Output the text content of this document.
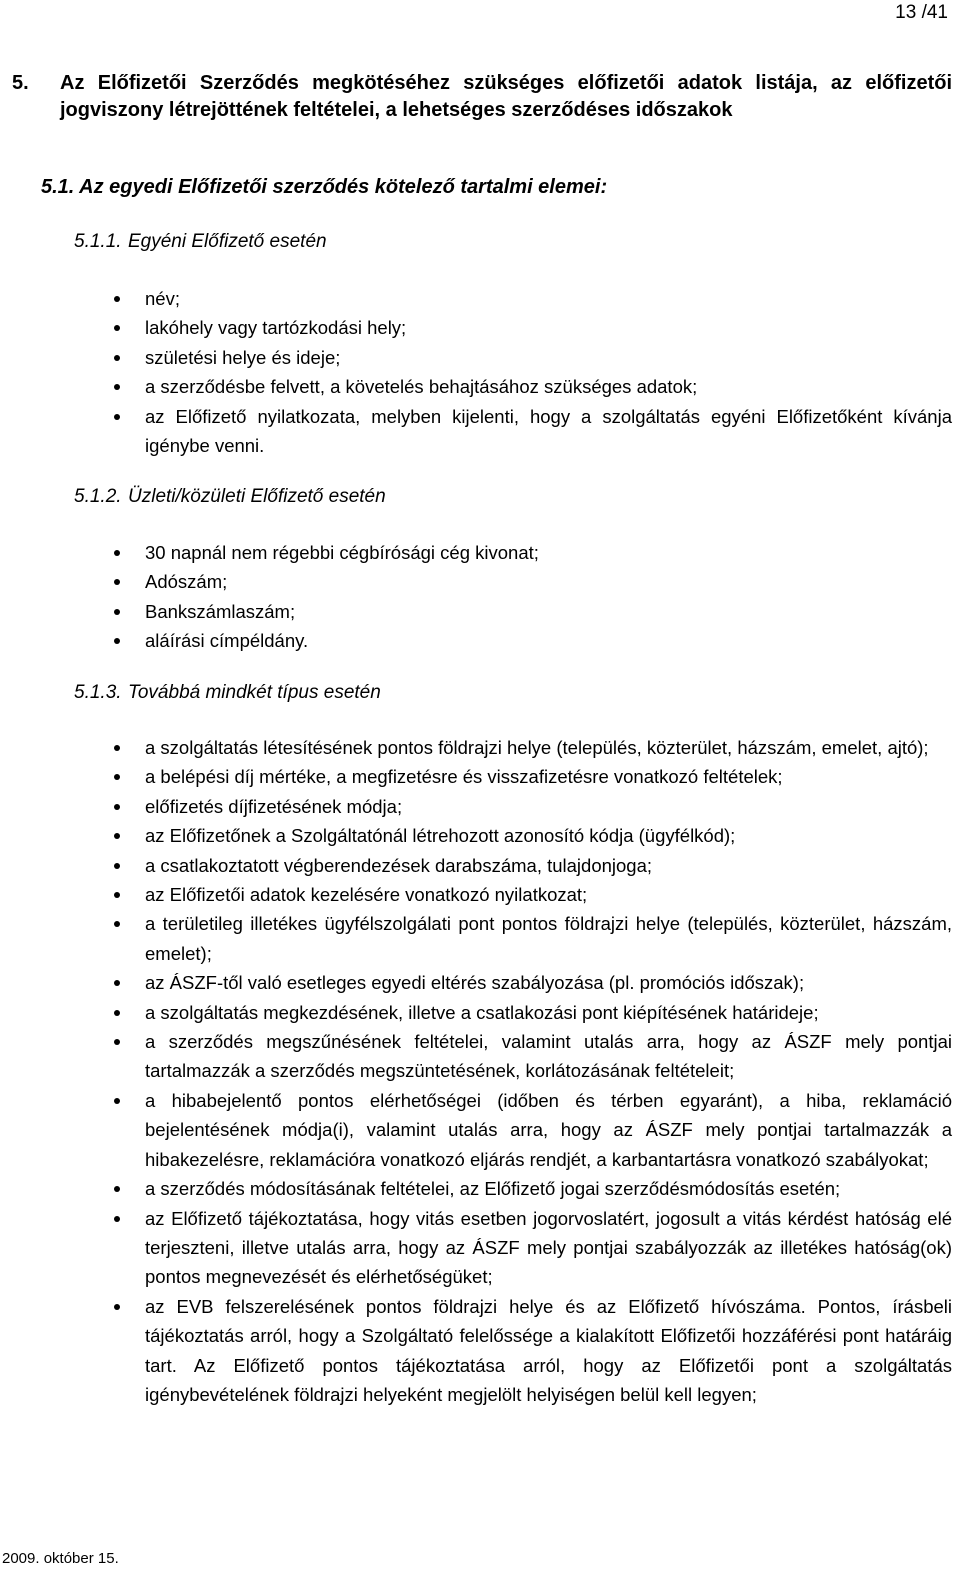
13 /41
5. Az Előfizetői Szerződés megkötéséhez szükséges előfizetői adatok listája, az előfizetői jogviszony létrejöttének feltételei, a lehetséges szerződéses időszakok
5.1. Az egyedi Előfizetői szerződés kötelező tartalmi elemei:
5.1.1. Egyéni Előfizető esetén
név;
lakóhely vagy tartózkodási hely;
születési helye és ideje;
a szerződésbe felvett, a követelés behajtásához szükséges adatok;
az Előfizető nyilatkozata, melyben kijelenti, hogy a szolgáltatás egyéni Előfizetőként kívánja igénybe venni.
5.1.2. Üzleti/közületi Előfizető esetén
30 napnál nem régebbi cégbírósági cég kivonat;
Adószám;
Bankszámlaszám;
aláírási címpéldány.
5.1.3. Továbbá mindkét típus esetén
a szolgáltatás létesítésének pontos földrajzi helye (település, közterület, házszám, emelet, ajtó);
a belépési díj mértéke, a megfizetésre és visszafizetésre vonatkozó feltételek;
előfizetés díjfizetésének módja;
az Előfizetőnek a Szolgáltatónál létrehozott azonosító kódja (ügyfélkód);
a csatlakoztatott végberendezések darabszáma, tulajdonjoga;
az Előfizetői adatok kezelésére vonatkozó nyilatkozat;
a területileg illetékes ügyfélszolgálati pont pontos földrajzi helye (település, közterület, házszám, emelet);
az ÁSZF-től való esetleges egyedi eltérés szabályozása (pl. promóciós időszak);
a szolgáltatás megkezdésének, illetve a csatlakozási pont kiépítésének határideje;
a szerződés megszűnésének feltételei, valamint utalás arra, hogy az ÁSZF mely pontjai tartalmazzák a szerződés megszüntetésének, korlátozásának feltételeit;
a hibabejelentő pontos elérhetőségei (időben és térben egyaránt), a hiba, reklamáció bejelentésének módja(i), valamint utalás arra, hogy az ÁSZF mely pontjai tartalmazzák a hibakezelésre, reklamációra vonatkozó eljárás rendjét, a karbantartásra vonatkozó szabályokat;
a szerződés módosításának feltételei, az Előfizető jogai szerződésmódosítás esetén;
az Előfizető tájékoztatása, hogy vitás esetben jogorvoslatért, jogosult a vitás kérdést hatóság elé terjeszteni, illetve utalás arra, hogy az ÁSZF mely pontjai szabályozzák az illetékes hatóság(ok) pontos megnevezését és elérhetőségüket;
az EVB felszerelésének pontos földrajzi helye és az Előfizető hívószáma. Pontos, írásbeli tájékoztatás arról, hogy a Szolgáltató felelőssége a kialakított Előfizetői hozzáférési pont határáig tart. Az Előfizető pontos tájékoztatása arról, hogy az Előfizetői pont a szolgáltatás igénybevételének földrajzi helyeként megjelölt helyiségen belül kell legyen;
2009. október 15.
